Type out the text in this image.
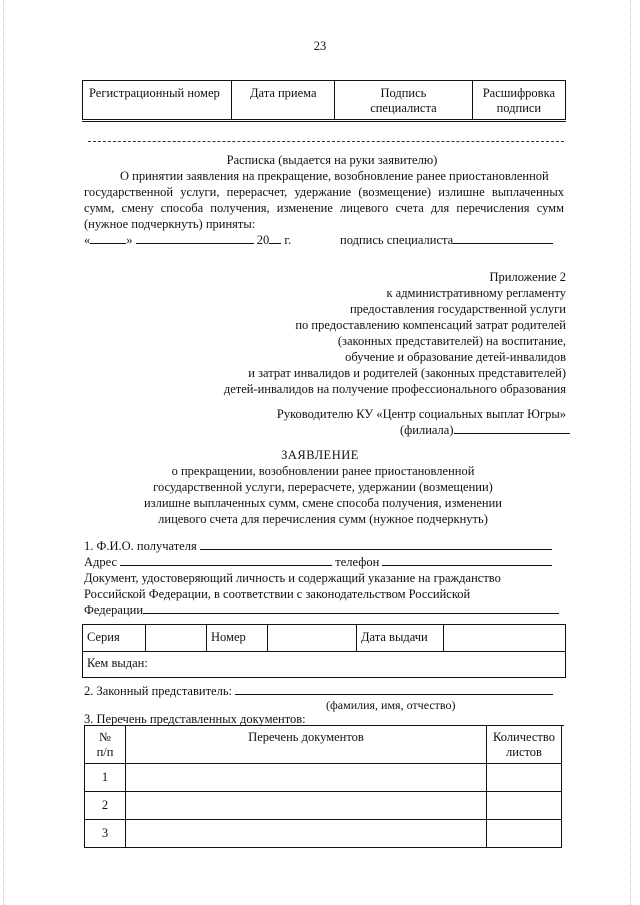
23
Регистрационный номер	Дата приема	Подпись специалиста	Расшифровка подписи
Расписка (выдается на руки заявителю)
О принятии заявления на прекращение, возобновление ранее приостановленной
государственной услуги, перерасчет, удержание (возмещение) излишне выплаченных
сумм, смену способа получения, изменение лицевого счета для перечисления сумм
(нужное подчеркнуть) приняты:
«	»	20 г.	подпись специалиста
Приложение 2
к административному регламенту
предоставления государственной услуги
по предоставлению компенсаций затрат родителей
(законных представителей) на воспитание,
обучение и образование детей-инвалидов
и затрат инвалидов и родителей (законных представителей)
детей-инвалидов на получение профессионального образования
Руководителю КУ «Центр социальных выплат Югры»
(филиала)
ЗАЯВЛЕНИЕ
о прекращении, возобновлении ранее приостановленной
государственной услуги, перерасчете, удержании (возмещении)
излишне выплаченных сумм, смене способа получения, изменении
лицевого счета для перечисления сумм (нужное подчеркнуть)
1. Ф.И.О. получателя
Адрес	телефон
Документ, удостоверяющий личность и содержащий указание на гражданство
Российской Федерации, в соответствии с законодательством Российской
Федерации
Серия		Номер		Дата выдачи	
Кем выдан:
2. Законный представитель:
(фамилия, имя, отчество)
3. Перечень представленных документов:
№
п/п	Перечень документов	Количество
листов
1		
2		
3		
